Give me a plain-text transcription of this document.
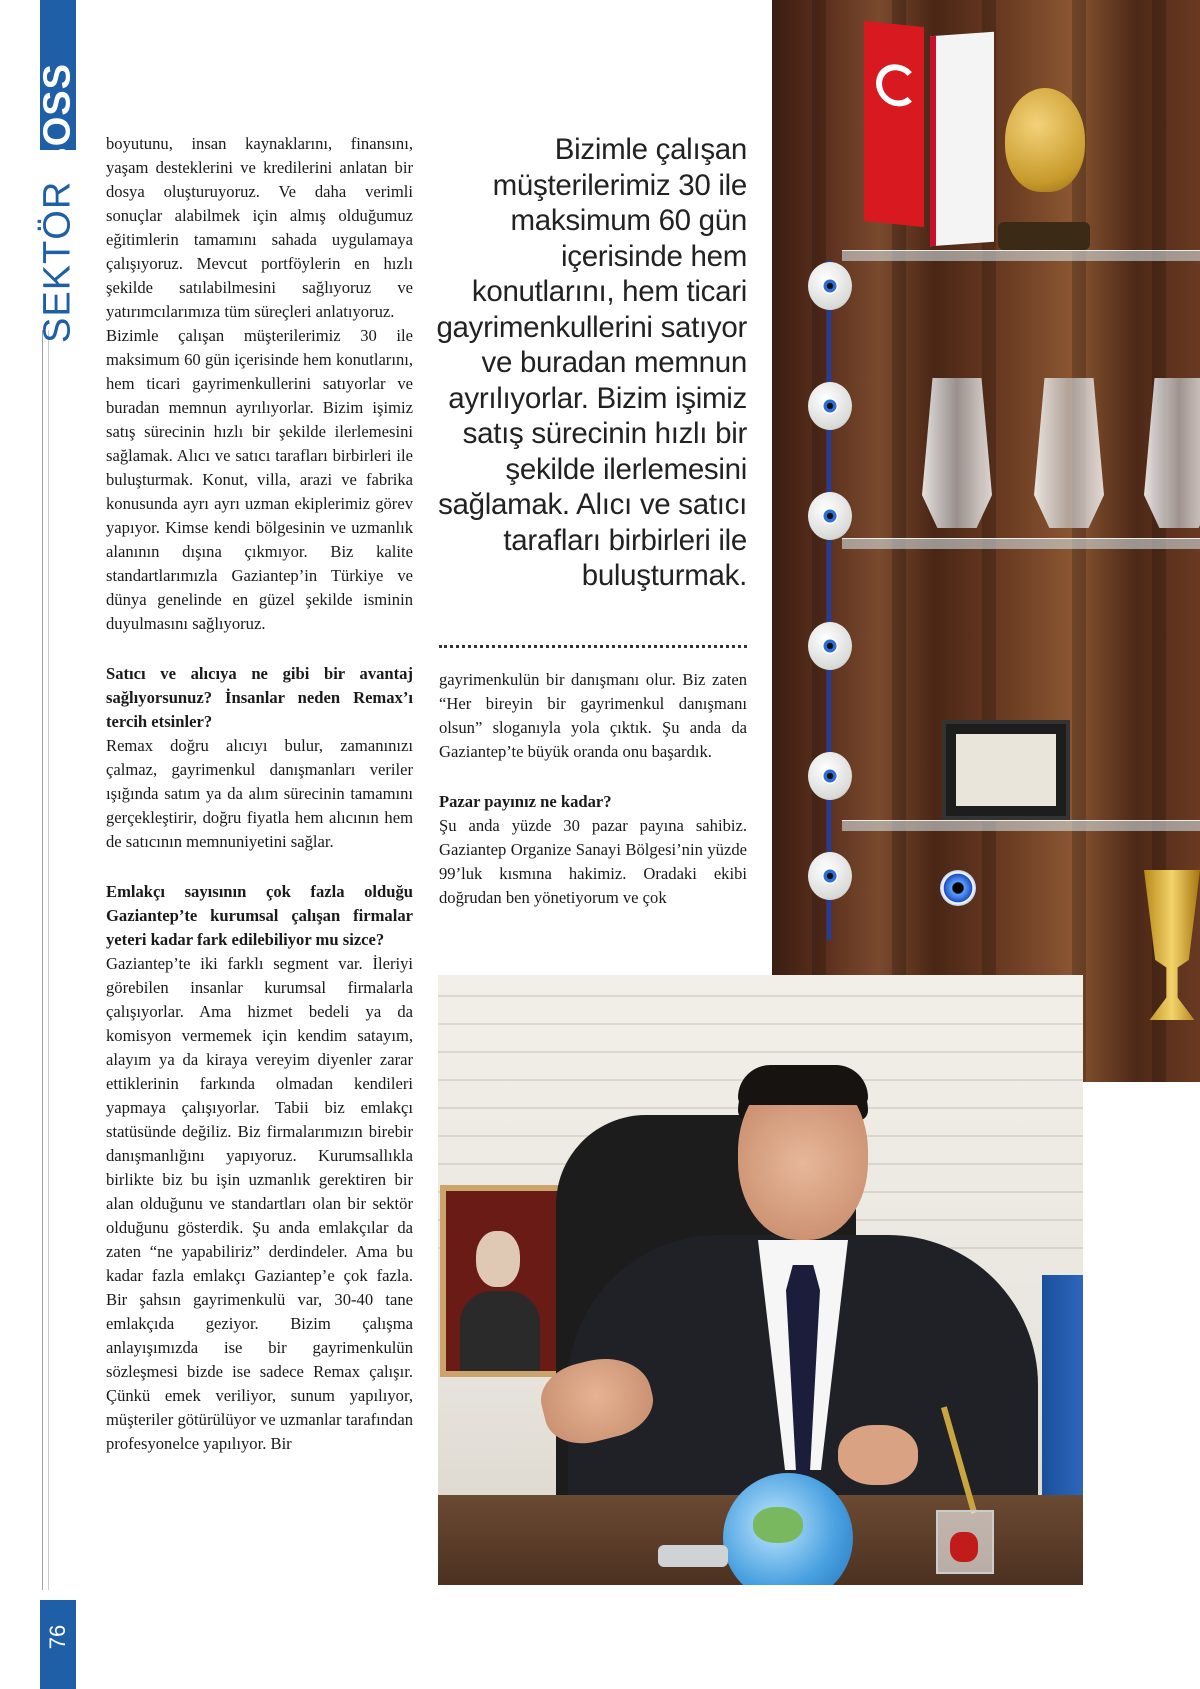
SEKTÖRBOSS
76

boyutunu, insan kaynaklarını, finansını, yaşam desteklerini ve kredilerini anlatan bir dosya oluşturuyoruz. Ve daha verimli sonuçlar alabilmek için almış olduğumuz eğitimlerin tamamını sahada uygulamaya çalışıyoruz. Mevcut portföylerin en hızlı şekilde satılabilmesini sağlıyoruz ve yatırımcılarımıza tüm süreçleri anlatıyoruz.

Bizimle çalışan müşterilerimiz 30 ile maksimum 60 gün içerisinde hem konutlarını, hem ticari gayrimenkullerini satıyorlar ve buradan memnun ayrılıyorlar. Bizim işimiz satış sürecinin hızlı bir şekilde ilerlemesini sağlamak. Alıcı ve satıcı tarafları birbirleri ile buluşturmak. Konut, villa, arazi ve fabrika konusunda ayrı ayrı uzman ekiplerimiz görev yapıyor. Kimse kendi bölgesinin ve uzmanlık alanının dışına çıkmıyor. Biz kalite standartlarımızla Gaziantep’in Türkiye ve dünya genelinde en güzel şekilde isminin duyulmasını sağlıyoruz.

Satıcı ve alıcıya ne gibi bir avantaj sağlıyorsunuz? İnsanlar neden Remax’ı tercih etsinler?

Remax doğru alıcıyı bulur, zamanınızı çalmaz, gayrimenkul danışmanları veriler ışığında satım ya da alım sürecinin tamamını gerçekleştirir, doğru fiyatla hem alıcının hem de satıcının memnuniyetini sağlar.

Emlakçı sayısının çok fazla olduğu Gaziantep’te kurumsal çalışan firmalar yeteri kadar fark edilebiliyor mu sizce?

Gaziantep’te iki farklı segment var. İleriyi görebilen insanlar kurumsal firmalarla çalışıyorlar. Ama hizmet bedeli ya da komisyon vermemek için kendim satayım, alayım ya da kiraya vereyim diyenler zarar ettiklerinin farkında olmadan kendileri yapmaya çalışıyorlar. Tabii biz emlakçı statüsünde değiliz. Biz firmalarımızın birebir danışmanlığını yapıyoruz. Kurumsallıkla birlikte biz bu işin uzmanlık gerektiren bir alan olduğunu ve standartları olan bir sektör olduğunu gösterdik. Şu anda emlakçılar da zaten “ne yapabiliriz” derdindeler. Ama bu kadar fazla emlakçı Gaziantep’e çok fazla. Bir şahsın gayrimenkulü var, 30-40 tane emlakçıda geziyor. Bizim çalışma anlayışımızda ise bir gayrimenkulün sözleşmesi bizde ise sadece Remax çalışır. Çünkü emek veriliyor, sunum yapılıyor, müşteriler götürülüyor ve uzmanlar tarafından profesyonelce yapılıyor. Bir

Bizimle çalışan müşterilerimiz 30 ile maksimum 60 gün içerisinde hem konutlarını, hem ticari gayrimenkullerini satıyor ve buradan memnun ayrılıyorlar. Bizim işimiz satış sürecinin hızlı bir şekilde ilerlemesini sağlamak. Alıcı ve satıcı tarafları birbirleri ile buluşturmak.

gayrimenkulün bir danışmanı olur. Biz zaten “Her bireyin bir gayrimenkul danışmanı olsun” sloganıyla yola çıktık. Şu anda da Gaziantep’te büyük oranda onu başardık.

Pazar payınız ne kadar?

Şu anda yüzde 30 pazar payına sahibiz. Gaziantep Organize Sanayi Bölgesi’nin yüzde 99’luk kısmına hakimiz. Oradaki ekibi doğrudan ben yönetiyorum ve çok
